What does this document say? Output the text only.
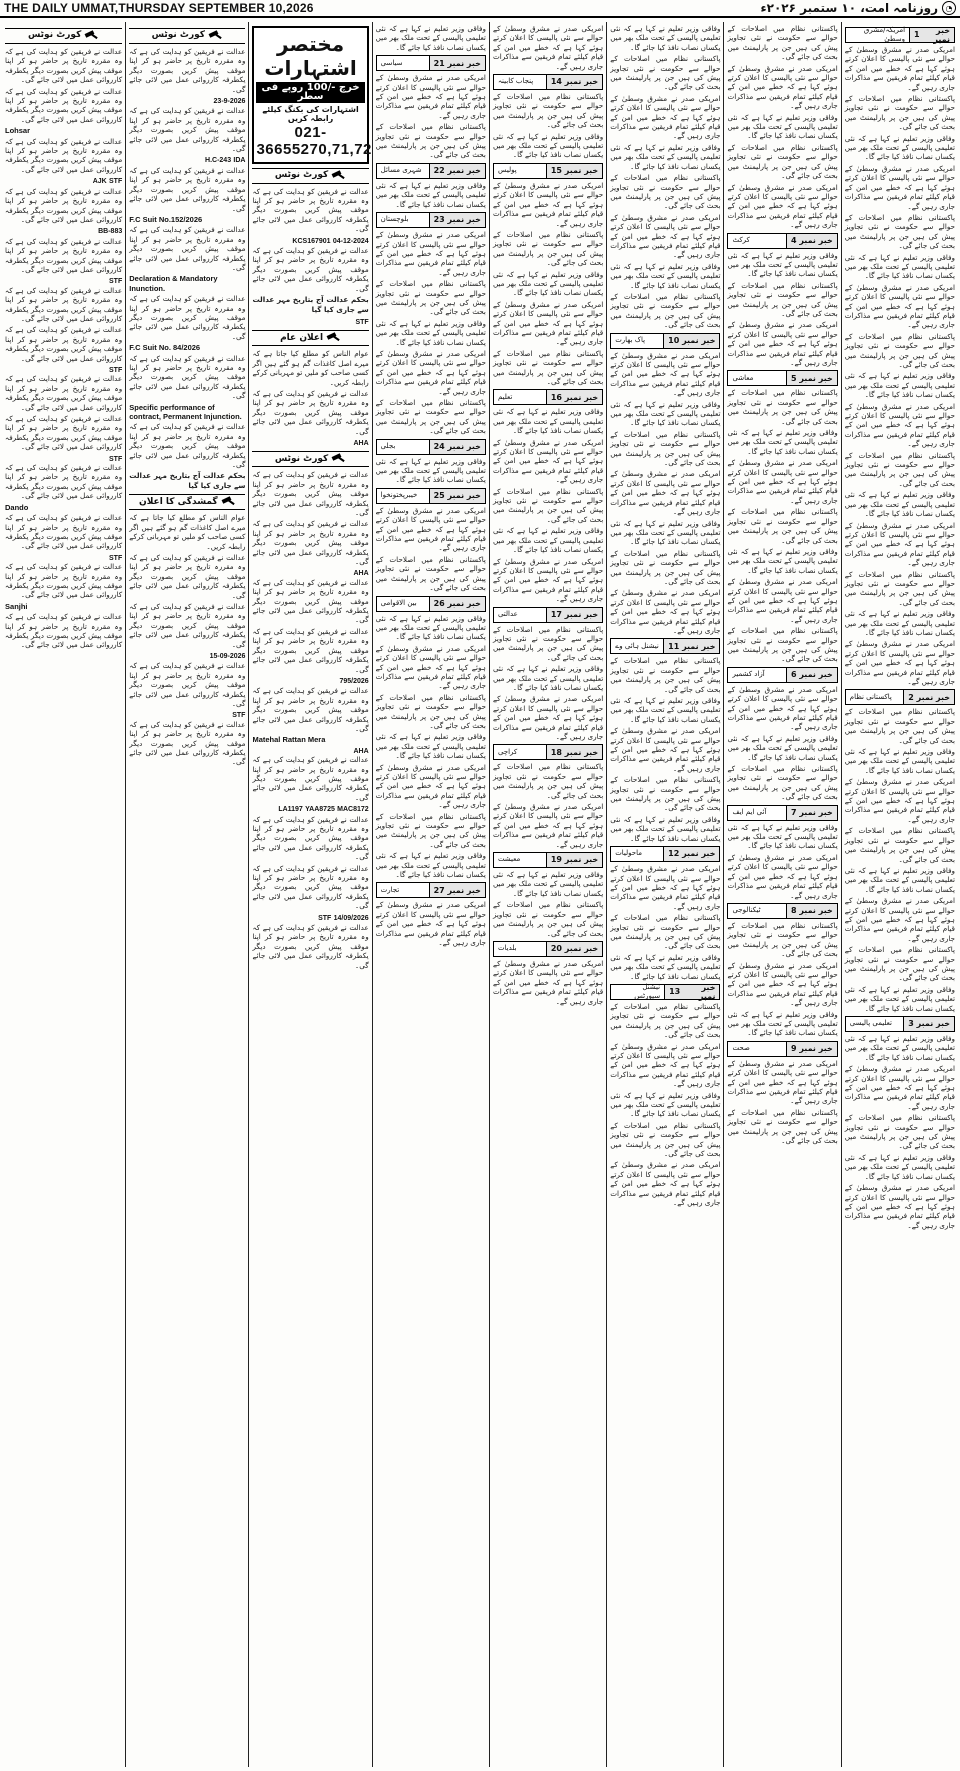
THE DAILY UMMAT,THURSDAY SEPTEMBER 10,2026	◔
روزنامہ امت، ۱۰ ستمبر ۲۰۲۶ء
خبر نمبر

1
امریکہ/مشرق وسطیٰ

امریکی صدر نے مشرق وسطیٰ کے حوالے سے نئی پالیسی کا اعلان کرتے ہوئے کہا ہے کہ خطے میں امن کے قیام کیلئے تمام فریقین سے مذاکرات جاری رہیں گے۔

پاکستانی نظام میں اصلاحات کے حوالے سے حکومت نے نئی تجاویز پیش کی ہیں جن پر پارلیمنٹ میں بحث کی جائے گی۔

وفاقی وزیر تعلیم نے کہا ہے کہ نئی تعلیمی پالیسی کے تحت ملک بھر میں یکساں نصاب نافذ کیا جائے گا۔

امریکی صدر نے مشرق وسطیٰ کے حوالے سے نئی پالیسی کا اعلان کرتے ہوئے کہا ہے کہ خطے میں امن کے قیام کیلئے تمام فریقین سے مذاکرات جاری رہیں گے۔

پاکستانی نظام میں اصلاحات کے حوالے سے حکومت نے نئی تجاویز پیش کی ہیں جن پر پارلیمنٹ میں بحث کی جائے گی۔

وفاقی وزیر تعلیم نے کہا ہے کہ نئی تعلیمی پالیسی کے تحت ملک بھر میں یکساں نصاب نافذ کیا جائے گا۔

امریکی صدر نے مشرق وسطیٰ کے حوالے سے نئی پالیسی کا اعلان کرتے ہوئے کہا ہے کہ خطے میں امن کے قیام کیلئے تمام فریقین سے مذاکرات جاری رہیں گے۔

پاکستانی نظام میں اصلاحات کے حوالے سے حکومت نے نئی تجاویز پیش کی ہیں جن پر پارلیمنٹ میں بحث کی جائے گی۔

وفاقی وزیر تعلیم نے کہا ہے کہ نئی تعلیمی پالیسی کے تحت ملک بھر میں یکساں نصاب نافذ کیا جائے گا۔

امریکی صدر نے مشرق وسطیٰ کے حوالے سے نئی پالیسی کا اعلان کرتے ہوئے کہا ہے کہ خطے میں امن کے قیام کیلئے تمام فریقین سے مذاکرات جاری رہیں گے۔

پاکستانی نظام میں اصلاحات کے حوالے سے حکومت نے نئی تجاویز پیش کی ہیں جن پر پارلیمنٹ میں بحث کی جائے گی۔

وفاقی وزیر تعلیم نے کہا ہے کہ نئی تعلیمی پالیسی کے تحت ملک بھر میں یکساں نصاب نافذ کیا جائے گا۔

امریکی صدر نے مشرق وسطیٰ کے حوالے سے نئی پالیسی کا اعلان کرتے ہوئے کہا ہے کہ خطے میں امن کے قیام کیلئے تمام فریقین سے مذاکرات جاری رہیں گے۔

پاکستانی نظام میں اصلاحات کے حوالے سے حکومت نے نئی تجاویز پیش کی ہیں جن پر پارلیمنٹ میں بحث کی جائے گی۔

وفاقی وزیر تعلیم نے کہا ہے کہ نئی تعلیمی پالیسی کے تحت ملک بھر میں یکساں نصاب نافذ کیا جائے گا۔

امریکی صدر نے مشرق وسطیٰ کے حوالے سے نئی پالیسی کا اعلان کرتے ہوئے کہا ہے کہ خطے میں امن کے قیام کیلئے تمام فریقین سے مذاکرات جاری رہیں گے۔

خبر نمبر

2
پاکستانی نظام

پاکستانی نظام میں اصلاحات کے حوالے سے حکومت نے نئی تجاویز پیش کی ہیں جن پر پارلیمنٹ میں بحث کی جائے گی۔

وفاقی وزیر تعلیم نے کہا ہے کہ نئی تعلیمی پالیسی کے تحت ملک بھر میں یکساں نصاب نافذ کیا جائے گا۔

امریکی صدر نے مشرق وسطیٰ کے حوالے سے نئی پالیسی کا اعلان کرتے ہوئے کہا ہے کہ خطے میں امن کے قیام کیلئے تمام فریقین سے مذاکرات جاری رہیں گے۔

پاکستانی نظام میں اصلاحات کے حوالے سے حکومت نے نئی تجاویز پیش کی ہیں جن پر پارلیمنٹ میں بحث کی جائے گی۔

وفاقی وزیر تعلیم نے کہا ہے کہ نئی تعلیمی پالیسی کے تحت ملک بھر میں یکساں نصاب نافذ کیا جائے گا۔

امریکی صدر نے مشرق وسطیٰ کے حوالے سے نئی پالیسی کا اعلان کرتے ہوئے کہا ہے کہ خطے میں امن کے قیام کیلئے تمام فریقین سے مذاکرات جاری رہیں گے۔

پاکستانی نظام میں اصلاحات کے حوالے سے حکومت نے نئی تجاویز پیش کی ہیں جن پر پارلیمنٹ میں بحث کی جائے گی۔

وفاقی وزیر تعلیم نے کہا ہے کہ نئی تعلیمی پالیسی کے تحت ملک بھر میں یکساں نصاب نافذ کیا جائے گا۔

خبر نمبر

3
تعلیمی پالیسی

وفاقی وزیر تعلیم نے کہا ہے کہ نئی تعلیمی پالیسی کے تحت ملک بھر میں یکساں نصاب نافذ کیا جائے گا۔

امریکی صدر نے مشرق وسطیٰ کے حوالے سے نئی پالیسی کا اعلان کرتے ہوئے کہا ہے کہ خطے میں امن کے قیام کیلئے تمام فریقین سے مذاکرات جاری رہیں گے۔

پاکستانی نظام میں اصلاحات کے حوالے سے حکومت نے نئی تجاویز پیش کی ہیں جن پر پارلیمنٹ میں بحث کی جائے گی۔

وفاقی وزیر تعلیم نے کہا ہے کہ نئی تعلیمی پالیسی کے تحت ملک بھر میں یکساں نصاب نافذ کیا جائے گا۔

امریکی صدر نے مشرق وسطیٰ کے حوالے سے نئی پالیسی کا اعلان کرتے ہوئے کہا ہے کہ خطے میں امن کے قیام کیلئے تمام فریقین سے مذاکرات جاری رہیں گے۔

پاکستانی نظام میں اصلاحات کے حوالے سے حکومت نے نئی تجاویز پیش کی ہیں جن پر پارلیمنٹ میں بحث کی جائے گی۔

امریکی صدر نے مشرق وسطیٰ کے حوالے سے نئی پالیسی کا اعلان کرتے ہوئے کہا ہے کہ خطے میں امن کے قیام کیلئے تمام فریقین سے مذاکرات جاری رہیں گے۔

وفاقی وزیر تعلیم نے کہا ہے کہ نئی تعلیمی پالیسی کے تحت ملک بھر میں یکساں نصاب نافذ کیا جائے گا۔

پاکستانی نظام میں اصلاحات کے حوالے سے حکومت نے نئی تجاویز پیش کی ہیں جن پر پارلیمنٹ میں بحث کی جائے گی۔

امریکی صدر نے مشرق وسطیٰ کے حوالے سے نئی پالیسی کا اعلان کرتے ہوئے کہا ہے کہ خطے میں امن کے قیام کیلئے تمام فریقین سے مذاکرات جاری رہیں گے۔

خبر نمبر

4
کرکٹ

وفاقی وزیر تعلیم نے کہا ہے کہ نئی تعلیمی پالیسی کے تحت ملک بھر میں یکساں نصاب نافذ کیا جائے گا۔

پاکستانی نظام میں اصلاحات کے حوالے سے حکومت نے نئی تجاویز پیش کی ہیں جن پر پارلیمنٹ میں بحث کی جائے گی۔

امریکی صدر نے مشرق وسطیٰ کے حوالے سے نئی پالیسی کا اعلان کرتے ہوئے کہا ہے کہ خطے میں امن کے قیام کیلئے تمام فریقین سے مذاکرات جاری رہیں گے۔

خبر نمبر

5
معاشی

پاکستانی نظام میں اصلاحات کے حوالے سے حکومت نے نئی تجاویز پیش کی ہیں جن پر پارلیمنٹ میں بحث کی جائے گی۔

وفاقی وزیر تعلیم نے کہا ہے کہ نئی تعلیمی پالیسی کے تحت ملک بھر میں یکساں نصاب نافذ کیا جائے گا۔

امریکی صدر نے مشرق وسطیٰ کے حوالے سے نئی پالیسی کا اعلان کرتے ہوئے کہا ہے کہ خطے میں امن کے قیام کیلئے تمام فریقین سے مذاکرات جاری رہیں گے۔

پاکستانی نظام میں اصلاحات کے حوالے سے حکومت نے نئی تجاویز پیش کی ہیں جن پر پارلیمنٹ میں بحث کی جائے گی۔

وفاقی وزیر تعلیم نے کہا ہے کہ نئی تعلیمی پالیسی کے تحت ملک بھر میں یکساں نصاب نافذ کیا جائے گا۔

امریکی صدر نے مشرق وسطیٰ کے حوالے سے نئی پالیسی کا اعلان کرتے ہوئے کہا ہے کہ خطے میں امن کے قیام کیلئے تمام فریقین سے مذاکرات جاری رہیں گے۔

پاکستانی نظام میں اصلاحات کے حوالے سے حکومت نے نئی تجاویز پیش کی ہیں جن پر پارلیمنٹ میں بحث کی جائے گی۔

خبر نمبر

6
آزاد کشمیر

امریکی صدر نے مشرق وسطیٰ کے حوالے سے نئی پالیسی کا اعلان کرتے ہوئے کہا ہے کہ خطے میں امن کے قیام کیلئے تمام فریقین سے مذاکرات جاری رہیں گے۔

وفاقی وزیر تعلیم نے کہا ہے کہ نئی تعلیمی پالیسی کے تحت ملک بھر میں یکساں نصاب نافذ کیا جائے گا۔

پاکستانی نظام میں اصلاحات کے حوالے سے حکومت نے نئی تجاویز پیش کی ہیں جن پر پارلیمنٹ میں بحث کی جائے گی۔

خبر نمبر

7
آئی ایم ایف

وفاقی وزیر تعلیم نے کہا ہے کہ نئی تعلیمی پالیسی کے تحت ملک بھر میں یکساں نصاب نافذ کیا جائے گا۔

امریکی صدر نے مشرق وسطیٰ کے حوالے سے نئی پالیسی کا اعلان کرتے ہوئے کہا ہے کہ خطے میں امن کے قیام کیلئے تمام فریقین سے مذاکرات جاری رہیں گے۔

خبر نمبر

8
ٹیکنالوجی

پاکستانی نظام میں اصلاحات کے حوالے سے حکومت نے نئی تجاویز پیش کی ہیں جن پر پارلیمنٹ میں بحث کی جائے گی۔

امریکی صدر نے مشرق وسطیٰ کے حوالے سے نئی پالیسی کا اعلان کرتے ہوئے کہا ہے کہ خطے میں امن کے قیام کیلئے تمام فریقین سے مذاکرات جاری رہیں گے۔

وفاقی وزیر تعلیم نے کہا ہے کہ نئی تعلیمی پالیسی کے تحت ملک بھر میں یکساں نصاب نافذ کیا جائے گا۔

خبر نمبر

9
صحت

امریکی صدر نے مشرق وسطیٰ کے حوالے سے نئی پالیسی کا اعلان کرتے ہوئے کہا ہے کہ خطے میں امن کے قیام کیلئے تمام فریقین سے مذاکرات جاری رہیں گے۔

پاکستانی نظام میں اصلاحات کے حوالے سے حکومت نے نئی تجاویز پیش کی ہیں جن پر پارلیمنٹ میں بحث کی جائے گی۔

وفاقی وزیر تعلیم نے کہا ہے کہ نئی تعلیمی پالیسی کے تحت ملک بھر میں یکساں نصاب نافذ کیا جائے گا۔

پاکستانی نظام میں اصلاحات کے حوالے سے حکومت نے نئی تجاویز پیش کی ہیں جن پر پارلیمنٹ میں بحث کی جائے گی۔

امریکی صدر نے مشرق وسطیٰ کے حوالے سے نئی پالیسی کا اعلان کرتے ہوئے کہا ہے کہ خطے میں امن کے قیام کیلئے تمام فریقین سے مذاکرات جاری رہیں گے۔

وفاقی وزیر تعلیم نے کہا ہے کہ نئی تعلیمی پالیسی کے تحت ملک بھر میں یکساں نصاب نافذ کیا جائے گا۔

پاکستانی نظام میں اصلاحات کے حوالے سے حکومت نے نئی تجاویز پیش کی ہیں جن پر پارلیمنٹ میں بحث کی جائے گی۔

امریکی صدر نے مشرق وسطیٰ کے حوالے سے نئی پالیسی کا اعلان کرتے ہوئے کہا ہے کہ خطے میں امن کے قیام کیلئے تمام فریقین سے مذاکرات جاری رہیں گے۔

وفاقی وزیر تعلیم نے کہا ہے کہ نئی تعلیمی پالیسی کے تحت ملک بھر میں یکساں نصاب نافذ کیا جائے گا۔

پاکستانی نظام میں اصلاحات کے حوالے سے حکومت نے نئی تجاویز پیش کی ہیں جن پر پارلیمنٹ میں بحث کی جائے گی۔

خبر نمبر

10
پاک بھارت

امریکی صدر نے مشرق وسطیٰ کے حوالے سے نئی پالیسی کا اعلان کرتے ہوئے کہا ہے کہ خطے میں امن کے قیام کیلئے تمام فریقین سے مذاکرات جاری رہیں گے۔

وفاقی وزیر تعلیم نے کہا ہے کہ نئی تعلیمی پالیسی کے تحت ملک بھر میں یکساں نصاب نافذ کیا جائے گا۔

پاکستانی نظام میں اصلاحات کے حوالے سے حکومت نے نئی تجاویز پیش کی ہیں جن پر پارلیمنٹ میں بحث کی جائے گی۔

امریکی صدر نے مشرق وسطیٰ کے حوالے سے نئی پالیسی کا اعلان کرتے ہوئے کہا ہے کہ خطے میں امن کے قیام کیلئے تمام فریقین سے مذاکرات جاری رہیں گے۔

وفاقی وزیر تعلیم نے کہا ہے کہ نئی تعلیمی پالیسی کے تحت ملک بھر میں یکساں نصاب نافذ کیا جائے گا۔

پاکستانی نظام میں اصلاحات کے حوالے سے حکومت نے نئی تجاویز پیش کی ہیں جن پر پارلیمنٹ میں بحث کی جائے گی۔

امریکی صدر نے مشرق وسطیٰ کے حوالے سے نئی پالیسی کا اعلان کرتے ہوئے کہا ہے کہ خطے میں امن کے قیام کیلئے تمام فریقین سے مذاکرات جاری رہیں گے۔

خبر نمبر

11
نیشنل ہائی وے

پاکستانی نظام میں اصلاحات کے حوالے سے حکومت نے نئی تجاویز پیش کی ہیں جن پر پارلیمنٹ میں بحث کی جائے گی۔

وفاقی وزیر تعلیم نے کہا ہے کہ نئی تعلیمی پالیسی کے تحت ملک بھر میں یکساں نصاب نافذ کیا جائے گا۔

امریکی صدر نے مشرق وسطیٰ کے حوالے سے نئی پالیسی کا اعلان کرتے ہوئے کہا ہے کہ خطے میں امن کے قیام کیلئے تمام فریقین سے مذاکرات جاری رہیں گے۔

پاکستانی نظام میں اصلاحات کے حوالے سے حکومت نے نئی تجاویز پیش کی ہیں جن پر پارلیمنٹ میں بحث کی جائے گی۔

وفاقی وزیر تعلیم نے کہا ہے کہ نئی تعلیمی پالیسی کے تحت ملک بھر میں یکساں نصاب نافذ کیا جائے گا۔

خبر نمبر

12
ماحولیات

امریکی صدر نے مشرق وسطیٰ کے حوالے سے نئی پالیسی کا اعلان کرتے ہوئے کہا ہے کہ خطے میں امن کے قیام کیلئے تمام فریقین سے مذاکرات جاری رہیں گے۔

پاکستانی نظام میں اصلاحات کے حوالے سے حکومت نے نئی تجاویز پیش کی ہیں جن پر پارلیمنٹ میں بحث کی جائے گی۔

وفاقی وزیر تعلیم نے کہا ہے کہ نئی تعلیمی پالیسی کے تحت ملک بھر میں یکساں نصاب نافذ کیا جائے گا۔

خبر نمبر

13
نیشنل سپورٹس

پاکستانی نظام میں اصلاحات کے حوالے سے حکومت نے نئی تجاویز پیش کی ہیں جن پر پارلیمنٹ میں بحث کی جائے گی۔

امریکی صدر نے مشرق وسطیٰ کے حوالے سے نئی پالیسی کا اعلان کرتے ہوئے کہا ہے کہ خطے میں امن کے قیام کیلئے تمام فریقین سے مذاکرات جاری رہیں گے۔

وفاقی وزیر تعلیم نے کہا ہے کہ نئی تعلیمی پالیسی کے تحت ملک بھر میں یکساں نصاب نافذ کیا جائے گا۔

پاکستانی نظام میں اصلاحات کے حوالے سے حکومت نے نئی تجاویز پیش کی ہیں جن پر پارلیمنٹ میں بحث کی جائے گی۔

امریکی صدر نے مشرق وسطیٰ کے حوالے سے نئی پالیسی کا اعلان کرتے ہوئے کہا ہے کہ خطے میں امن کے قیام کیلئے تمام فریقین سے مذاکرات جاری رہیں گے۔

امریکی صدر نے مشرق وسطیٰ کے حوالے سے نئی پالیسی کا اعلان کرتے ہوئے کہا ہے کہ خطے میں امن کے قیام کیلئے تمام فریقین سے مذاکرات جاری رہیں گے۔

خبر نمبر

14
پنجاب کابینہ

پاکستانی نظام میں اصلاحات کے حوالے سے حکومت نے نئی تجاویز پیش کی ہیں جن پر پارلیمنٹ میں بحث کی جائے گی۔

وفاقی وزیر تعلیم نے کہا ہے کہ نئی تعلیمی پالیسی کے تحت ملک بھر میں یکساں نصاب نافذ کیا جائے گا۔

خبر نمبر

15
پولیس

امریکی صدر نے مشرق وسطیٰ کے حوالے سے نئی پالیسی کا اعلان کرتے ہوئے کہا ہے کہ خطے میں امن کے قیام کیلئے تمام فریقین سے مذاکرات جاری رہیں گے۔

پاکستانی نظام میں اصلاحات کے حوالے سے حکومت نے نئی تجاویز پیش کی ہیں جن پر پارلیمنٹ میں بحث کی جائے گی۔

وفاقی وزیر تعلیم نے کہا ہے کہ نئی تعلیمی پالیسی کے تحت ملک بھر میں یکساں نصاب نافذ کیا جائے گا۔

امریکی صدر نے مشرق وسطیٰ کے حوالے سے نئی پالیسی کا اعلان کرتے ہوئے کہا ہے کہ خطے میں امن کے قیام کیلئے تمام فریقین سے مذاکرات جاری رہیں گے۔

پاکستانی نظام میں اصلاحات کے حوالے سے حکومت نے نئی تجاویز پیش کی ہیں جن پر پارلیمنٹ میں بحث کی جائے گی۔

خبر نمبر

16
تعلیم

وفاقی وزیر تعلیم نے کہا ہے کہ نئی تعلیمی پالیسی کے تحت ملک بھر میں یکساں نصاب نافذ کیا جائے گا۔

امریکی صدر نے مشرق وسطیٰ کے حوالے سے نئی پالیسی کا اعلان کرتے ہوئے کہا ہے کہ خطے میں امن کے قیام کیلئے تمام فریقین سے مذاکرات جاری رہیں گے۔

پاکستانی نظام میں اصلاحات کے حوالے سے حکومت نے نئی تجاویز پیش کی ہیں جن پر پارلیمنٹ میں بحث کی جائے گی۔

وفاقی وزیر تعلیم نے کہا ہے کہ نئی تعلیمی پالیسی کے تحت ملک بھر میں یکساں نصاب نافذ کیا جائے گا۔

امریکی صدر نے مشرق وسطیٰ کے حوالے سے نئی پالیسی کا اعلان کرتے ہوئے کہا ہے کہ خطے میں امن کے قیام کیلئے تمام فریقین سے مذاکرات جاری رہیں گے۔

خبر نمبر

17
عدالتی

پاکستانی نظام میں اصلاحات کے حوالے سے حکومت نے نئی تجاویز پیش کی ہیں جن پر پارلیمنٹ میں بحث کی جائے گی۔

وفاقی وزیر تعلیم نے کہا ہے کہ نئی تعلیمی پالیسی کے تحت ملک بھر میں یکساں نصاب نافذ کیا جائے گا۔

امریکی صدر نے مشرق وسطیٰ کے حوالے سے نئی پالیسی کا اعلان کرتے ہوئے کہا ہے کہ خطے میں امن کے قیام کیلئے تمام فریقین سے مذاکرات جاری رہیں گے۔

خبر نمبر

18
کراچی

پاکستانی نظام میں اصلاحات کے حوالے سے حکومت نے نئی تجاویز پیش کی ہیں جن پر پارلیمنٹ میں بحث کی جائے گی۔

امریکی صدر نے مشرق وسطیٰ کے حوالے سے نئی پالیسی کا اعلان کرتے ہوئے کہا ہے کہ خطے میں امن کے قیام کیلئے تمام فریقین سے مذاکرات جاری رہیں گے۔

خبر نمبر

19
معیشت

وفاقی وزیر تعلیم نے کہا ہے کہ نئی تعلیمی پالیسی کے تحت ملک بھر میں یکساں نصاب نافذ کیا جائے گا۔

پاکستانی نظام میں اصلاحات کے حوالے سے حکومت نے نئی تجاویز پیش کی ہیں جن پر پارلیمنٹ میں بحث کی جائے گی۔

خبر نمبر

20
بلدیات

امریکی صدر نے مشرق وسطیٰ کے حوالے سے نئی پالیسی کا اعلان کرتے ہوئے کہا ہے کہ خطے میں امن کے قیام کیلئے تمام فریقین سے مذاکرات جاری رہیں گے۔

وفاقی وزیر تعلیم نے کہا ہے کہ نئی تعلیمی پالیسی کے تحت ملک بھر میں یکساں نصاب نافذ کیا جائے گا۔

خبر نمبر

21
سیاسی

امریکی صدر نے مشرق وسطیٰ کے حوالے سے نئی پالیسی کا اعلان کرتے ہوئے کہا ہے کہ خطے میں امن کے قیام کیلئے تمام فریقین سے مذاکرات جاری رہیں گے۔

پاکستانی نظام میں اصلاحات کے حوالے سے حکومت نے نئی تجاویز پیش کی ہیں جن پر پارلیمنٹ میں بحث کی جائے گی۔

خبر نمبر

22
شہری مسائل

وفاقی وزیر تعلیم نے کہا ہے کہ نئی تعلیمی پالیسی کے تحت ملک بھر میں یکساں نصاب نافذ کیا جائے گا۔

خبر نمبر

23
بلوچستان

امریکی صدر نے مشرق وسطیٰ کے حوالے سے نئی پالیسی کا اعلان کرتے ہوئے کہا ہے کہ خطے میں امن کے قیام کیلئے تمام فریقین سے مذاکرات جاری رہیں گے۔

پاکستانی نظام میں اصلاحات کے حوالے سے حکومت نے نئی تجاویز پیش کی ہیں جن پر پارلیمنٹ میں بحث کی جائے گی۔

وفاقی وزیر تعلیم نے کہا ہے کہ نئی تعلیمی پالیسی کے تحت ملک بھر میں یکساں نصاب نافذ کیا جائے گا۔

امریکی صدر نے مشرق وسطیٰ کے حوالے سے نئی پالیسی کا اعلان کرتے ہوئے کہا ہے کہ خطے میں امن کے قیام کیلئے تمام فریقین سے مذاکرات جاری رہیں گے۔

پاکستانی نظام میں اصلاحات کے حوالے سے حکومت نے نئی تجاویز پیش کی ہیں جن پر پارلیمنٹ میں بحث کی جائے گی۔

خبر نمبر

24
بجلی

وفاقی وزیر تعلیم نے کہا ہے کہ نئی تعلیمی پالیسی کے تحت ملک بھر میں یکساں نصاب نافذ کیا جائے گا۔

خبر نمبر

25
خیبرپختونخوا

امریکی صدر نے مشرق وسطیٰ کے حوالے سے نئی پالیسی کا اعلان کرتے ہوئے کہا ہے کہ خطے میں امن کے قیام کیلئے تمام فریقین سے مذاکرات جاری رہیں گے۔

پاکستانی نظام میں اصلاحات کے حوالے سے حکومت نے نئی تجاویز پیش کی ہیں جن پر پارلیمنٹ میں بحث کی جائے گی۔

خبر نمبر

26
بین الاقوامی

وفاقی وزیر تعلیم نے کہا ہے کہ نئی تعلیمی پالیسی کے تحت ملک بھر میں یکساں نصاب نافذ کیا جائے گا۔

امریکی صدر نے مشرق وسطیٰ کے حوالے سے نئی پالیسی کا اعلان کرتے ہوئے کہا ہے کہ خطے میں امن کے قیام کیلئے تمام فریقین سے مذاکرات جاری رہیں گے۔

پاکستانی نظام میں اصلاحات کے حوالے سے حکومت نے نئی تجاویز پیش کی ہیں جن پر پارلیمنٹ میں بحث کی جائے گی۔

وفاقی وزیر تعلیم نے کہا ہے کہ نئی تعلیمی پالیسی کے تحت ملک بھر میں یکساں نصاب نافذ کیا جائے گا۔

امریکی صدر نے مشرق وسطیٰ کے حوالے سے نئی پالیسی کا اعلان کرتے ہوئے کہا ہے کہ خطے میں امن کے قیام کیلئے تمام فریقین سے مذاکرات جاری رہیں گے۔

پاکستانی نظام میں اصلاحات کے حوالے سے حکومت نے نئی تجاویز پیش کی ہیں جن پر پارلیمنٹ میں بحث کی جائے گی۔

وفاقی وزیر تعلیم نے کہا ہے کہ نئی تعلیمی پالیسی کے تحت ملک بھر میں یکساں نصاب نافذ کیا جائے گا۔

خبر نمبر

27
تجارت

امریکی صدر نے مشرق وسطیٰ کے حوالے سے نئی پالیسی کا اعلان کرتے ہوئے کہا ہے کہ خطے میں امن کے قیام کیلئے تمام فریقین سے مذاکرات جاری رہیں گے۔

مختصر اشتہارات
خرچ -/100 روپے فی سطر
اشتہارات کی بکنگ کیلئے رابطہ کریں
021-36655270,71,72
کورٹ نوٹس

عدالت نے فریقین کو ہدایت کی ہے کہ وہ مقررہ تاریخ پر حاضر ہو کر اپنا موقف پیش کریں بصورت دیگر یکطرفہ کارروائی عمل میں لائی جائے گی۔

KCS167901 04-12-2024

عدالت نے فریقین کو ہدایت کی ہے کہ وہ مقررہ تاریخ پر حاضر ہو کر اپنا موقف پیش کریں بصورت دیگر یکطرفہ کارروائی عمل میں لائی جائے گی۔

بحکم عدالت آج بتاریخ مہر عدالت سے جاری کیا گیا

STF
اعلان عام

عوام الناس کو مطلع کیا جاتا ہے کہ میرے اصل کاغذات گم ہو گئے ہیں اگر کسی صاحب کو ملیں تو مہربانی کرکے رابطہ کریں۔

عدالت نے فریقین کو ہدایت کی ہے کہ وہ مقررہ تاریخ پر حاضر ہو کر اپنا موقف پیش کریں بصورت دیگر یکطرفہ کارروائی عمل میں لائی جائے گی۔

AHA
کورٹ نوٹس

عدالت نے فریقین کو ہدایت کی ہے کہ وہ مقررہ تاریخ پر حاضر ہو کر اپنا موقف پیش کریں بصورت دیگر یکطرفہ کارروائی عمل میں لائی جائے گی۔

عدالت نے فریقین کو ہدایت کی ہے کہ وہ مقررہ تاریخ پر حاضر ہو کر اپنا موقف پیش کریں بصورت دیگر یکطرفہ کارروائی عمل میں لائی جائے گی۔

AHA

عدالت نے فریقین کو ہدایت کی ہے کہ وہ مقررہ تاریخ پر حاضر ہو کر اپنا موقف پیش کریں بصورت دیگر یکطرفہ کارروائی عمل میں لائی جائے گی۔

عدالت نے فریقین کو ہدایت کی ہے کہ وہ مقررہ تاریخ پر حاضر ہو کر اپنا موقف پیش کریں بصورت دیگر یکطرفہ کارروائی عمل میں لائی جائے گی۔

795/2026

عدالت نے فریقین کو ہدایت کی ہے کہ وہ مقررہ تاریخ پر حاضر ہو کر اپنا موقف پیش کریں بصورت دیگر یکطرفہ کارروائی عمل میں لائی جائے گی۔

Matehal Rattan Mera
AHA

عدالت نے فریقین کو ہدایت کی ہے کہ وہ مقررہ تاریخ پر حاضر ہو کر اپنا موقف پیش کریں بصورت دیگر یکطرفہ کارروائی عمل میں لائی جائے گی۔

LA1197 YAA8725 MAC8172

عدالت نے فریقین کو ہدایت کی ہے کہ وہ مقررہ تاریخ پر حاضر ہو کر اپنا موقف پیش کریں بصورت دیگر یکطرفہ کارروائی عمل میں لائی جائے گی۔

عدالت نے فریقین کو ہدایت کی ہے کہ وہ مقررہ تاریخ پر حاضر ہو کر اپنا موقف پیش کریں بصورت دیگر یکطرفہ کارروائی عمل میں لائی جائے گی۔

14/09/2026 STF

عدالت نے فریقین کو ہدایت کی ہے کہ وہ مقررہ تاریخ پر حاضر ہو کر اپنا موقف پیش کریں بصورت دیگر یکطرفہ کارروائی عمل میں لائی جائے گی۔

کورٹ نوٹس

عدالت نے فریقین کو ہدایت کی ہے کہ وہ مقررہ تاریخ پر حاضر ہو کر اپنا موقف پیش کریں بصورت دیگر یکطرفہ کارروائی عمل میں لائی جائے گی۔

23-9-2026

عدالت نے فریقین کو ہدایت کی ہے کہ وہ مقررہ تاریخ پر حاضر ہو کر اپنا موقف پیش کریں بصورت دیگر یکطرفہ کارروائی عمل میں لائی جائے گی۔

H.C-243 IDA

عدالت نے فریقین کو ہدایت کی ہے کہ وہ مقررہ تاریخ پر حاضر ہو کر اپنا موقف پیش کریں بصورت دیگر یکطرفہ کارروائی عمل میں لائی جائے گی۔

F.C Suit No.152/2026

عدالت نے فریقین کو ہدایت کی ہے کہ وہ مقررہ تاریخ پر حاضر ہو کر اپنا موقف پیش کریں بصورت دیگر یکطرفہ کارروائی عمل میں لائی جائے گی۔

Declaration & Mandatory Inunction.

عدالت نے فریقین کو ہدایت کی ہے کہ وہ مقررہ تاریخ پر حاضر ہو کر اپنا موقف پیش کریں بصورت دیگر یکطرفہ کارروائی عمل میں لائی جائے گی۔

F.C Suit No. 84/2026

عدالت نے فریقین کو ہدایت کی ہے کہ وہ مقررہ تاریخ پر حاضر ہو کر اپنا موقف پیش کریں بصورت دیگر یکطرفہ کارروائی عمل میں لائی جائے گی۔

Specific performance of contract, Permanent Injunction.

عدالت نے فریقین کو ہدایت کی ہے کہ وہ مقررہ تاریخ پر حاضر ہو کر اپنا موقف پیش کریں بصورت دیگر یکطرفہ کارروائی عمل میں لائی جائے گی۔

بحکم عدالت آج بتاریخ مہر عدالت سے جاری کیا گیا

گمشدگی کا اعلان

عوام الناس کو مطلع کیا جاتا ہے کہ میرے اصل کاغذات گم ہو گئے ہیں اگر کسی صاحب کو ملیں تو مہربانی کرکے رابطہ کریں۔

عدالت نے فریقین کو ہدایت کی ہے کہ وہ مقررہ تاریخ پر حاضر ہو کر اپنا موقف پیش کریں بصورت دیگر یکطرفہ کارروائی عمل میں لائی جائے گی۔

عدالت نے فریقین کو ہدایت کی ہے کہ وہ مقررہ تاریخ پر حاضر ہو کر اپنا موقف پیش کریں بصورت دیگر یکطرفہ کارروائی عمل میں لائی جائے گی۔

15-09-2026

عدالت نے فریقین کو ہدایت کی ہے کہ وہ مقررہ تاریخ پر حاضر ہو کر اپنا موقف پیش کریں بصورت دیگر یکطرفہ کارروائی عمل میں لائی جائے گی۔

STF

عدالت نے فریقین کو ہدایت کی ہے کہ وہ مقررہ تاریخ پر حاضر ہو کر اپنا موقف پیش کریں بصورت دیگر یکطرفہ کارروائی عمل میں لائی جائے گی۔

کورٹ نوٹس

عدالت نے فریقین کو ہدایت کی ہے کہ وہ مقررہ تاریخ پر حاضر ہو کر اپنا موقف پیش کریں بصورت دیگر یکطرفہ کارروائی عمل میں لائی جائے گی۔

عدالت نے فریقین کو ہدایت کی ہے کہ وہ مقررہ تاریخ پر حاضر ہو کر اپنا موقف پیش کریں بصورت دیگر یکطرفہ کارروائی عمل میں لائی جائے گی۔

Lohsar

عدالت نے فریقین کو ہدایت کی ہے کہ وہ مقررہ تاریخ پر حاضر ہو کر اپنا موقف پیش کریں بصورت دیگر یکطرفہ کارروائی عمل میں لائی جائے گی۔

AJK STF

عدالت نے فریقین کو ہدایت کی ہے کہ وہ مقررہ تاریخ پر حاضر ہو کر اپنا موقف پیش کریں بصورت دیگر یکطرفہ کارروائی عمل میں لائی جائے گی۔

BB-883

عدالت نے فریقین کو ہدایت کی ہے کہ وہ مقررہ تاریخ پر حاضر ہو کر اپنا موقف پیش کریں بصورت دیگر یکطرفہ کارروائی عمل میں لائی جائے گی۔

STF

عدالت نے فریقین کو ہدایت کی ہے کہ وہ مقررہ تاریخ پر حاضر ہو کر اپنا موقف پیش کریں بصورت دیگر یکطرفہ کارروائی عمل میں لائی جائے گی۔

عدالت نے فریقین کو ہدایت کی ہے کہ وہ مقررہ تاریخ پر حاضر ہو کر اپنا موقف پیش کریں بصورت دیگر یکطرفہ کارروائی عمل میں لائی جائے گی۔

STF

عدالت نے فریقین کو ہدایت کی ہے کہ وہ مقررہ تاریخ پر حاضر ہو کر اپنا موقف پیش کریں بصورت دیگر یکطرفہ کارروائی عمل میں لائی جائے گی۔

عدالت نے فریقین کو ہدایت کی ہے کہ وہ مقررہ تاریخ پر حاضر ہو کر اپنا موقف پیش کریں بصورت دیگر یکطرفہ کارروائی عمل میں لائی جائے گی۔

STF

عدالت نے فریقین کو ہدایت کی ہے کہ وہ مقررہ تاریخ پر حاضر ہو کر اپنا موقف پیش کریں بصورت دیگر یکطرفہ کارروائی عمل میں لائی جائے گی۔

Dando

عدالت نے فریقین کو ہدایت کی ہے کہ وہ مقررہ تاریخ پر حاضر ہو کر اپنا موقف پیش کریں بصورت دیگر یکطرفہ کارروائی عمل میں لائی جائے گی۔

STF

عدالت نے فریقین کو ہدایت کی ہے کہ وہ مقررہ تاریخ پر حاضر ہو کر اپنا موقف پیش کریں بصورت دیگر یکطرفہ کارروائی عمل میں لائی جائے گی۔

Sanjhi

عدالت نے فریقین کو ہدایت کی ہے کہ وہ مقررہ تاریخ پر حاضر ہو کر اپنا موقف پیش کریں بصورت دیگر یکطرفہ کارروائی عمل میں لائی جائے گی۔
